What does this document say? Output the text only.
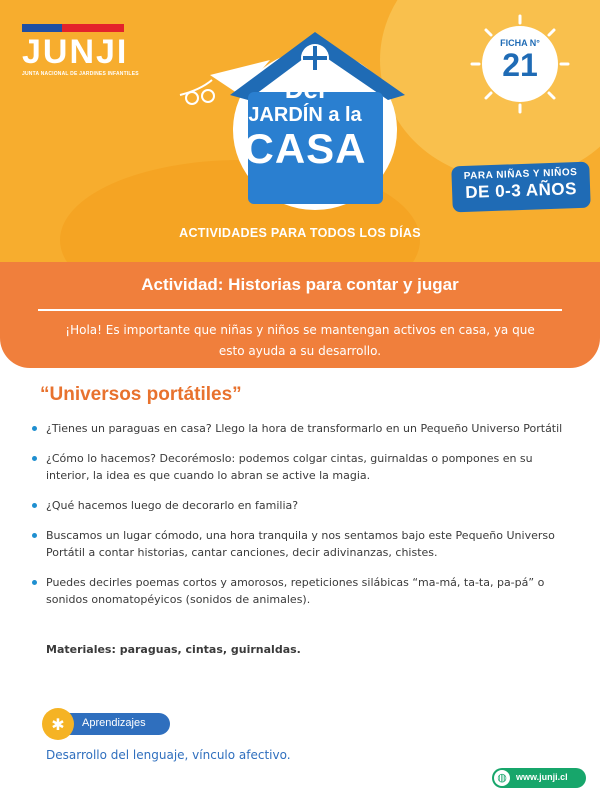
JUNJI
JUNTA NACIONAL DE JARDINES INFANTILES	Del
JARDÍN a la
CASA
FICHA N°
21
PARA NIÑAS Y NIÑOS
DE 0-3 AÑOS
ACTIVIDADES PARA TODOS LOS DÍAS
Actividad: Historias para contar y jugar
¡Hola! Es importante que niñas y niños se mantengan activos en casa, ya que esto ayuda a su desarrollo.
“Universos portátiles”
¿Tienes un paraguas en casa? Llego la hora de transformarlo en un Pequeño Universo Portátil
¿Cómo lo hacemos? Decorémoslo: podemos colgar cintas, guirnaldas o pompones en su interior, la idea es que cuando lo abran se active la magia.
¿Qué hacemos luego de decorarlo en familia?
Buscamos un lugar cómodo, una hora tranquila y nos sentamos bajo este Pequeño Universo Portátil a contar historias, cantar canciones, decir adivinanzas, chistes.
Puedes decirles poemas cortos y amorosos, repeticiones silábicas “ma-má, ta-ta, pa-pá” o sonidos onomatopéyicos (sonidos de animales).
Materiales: paraguas, cintas, guirnaldas.
✱	Aprendizajes
Desarrollo del lenguaje, vínculo afectivo.
◍	www.junji.cl
